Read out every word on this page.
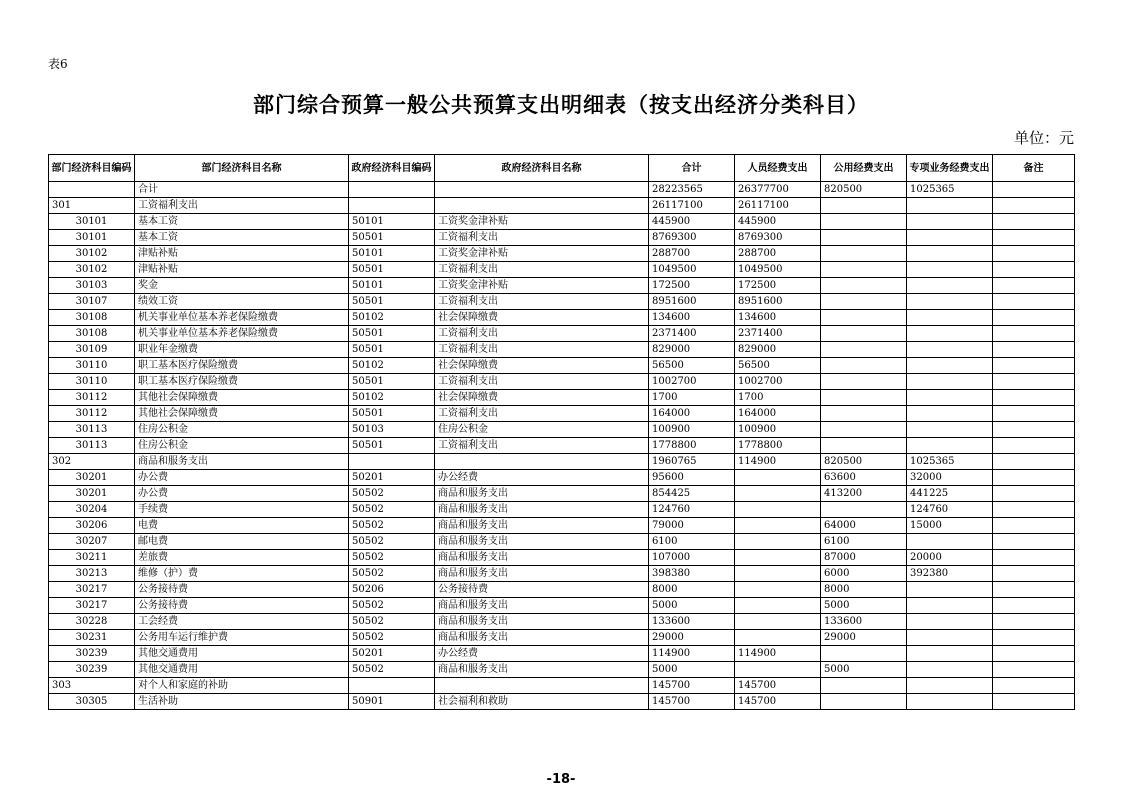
表6
部门综合预算一般公共预算支出明细表（按支出经济分类科目）
单位：元
部门经济科目编码	部门经济科目名称	政府经济科目编码	政府经济科目名称	合计	人员经费支出	公用经费支出	专项业务经费支出	备注
	合计			28223565	26377700	820500	1025365	
301	工资福利支出			26117100	26117100			
30101	基本工资	50101	工资奖金津补贴	445900	445900			
30101	基本工资	50501	工资福利支出	8769300	8769300			
30102	津贴补贴	50101	工资奖金津补贴	288700	288700			
30102	津贴补贴	50501	工资福利支出	1049500	1049500			
30103	奖金	50101	工资奖金津补贴	172500	172500			
30107	绩效工资	50501	工资福利支出	8951600	8951600			
30108	机关事业单位基本养老保险缴费	50102	社会保障缴费	134600	134600			
30108	机关事业单位基本养老保险缴费	50501	工资福利支出	2371400	2371400			
30109	职业年金缴费	50501	工资福利支出	829000	829000			
30110	职工基本医疗保险缴费	50102	社会保障缴费	56500	56500			
30110	职工基本医疗保险缴费	50501	工资福利支出	1002700	1002700			
30112	其他社会保障缴费	50102	社会保障缴费	1700	1700			
30112	其他社会保障缴费	50501	工资福利支出	164000	164000			
30113	住房公积金	50103	住房公积金	100900	100900			
30113	住房公积金	50501	工资福利支出	1778800	1778800			
302	商品和服务支出			1960765	114900	820500	1025365	
30201	办公费	50201	办公经费	95600		63600	32000	
30201	办公费	50502	商品和服务支出	854425		413200	441225	
30204	手续费	50502	商品和服务支出	124760			124760	
30206	电费	50502	商品和服务支出	79000		64000	15000	
30207	邮电费	50502	商品和服务支出	6100		6100		
30211	差旅费	50502	商品和服务支出	107000		87000	20000	
30213	维修（护）费	50502	商品和服务支出	398380		6000	392380	
30217	公务接待费	50206	公务接待费	8000		8000		
30217	公务接待费	50502	商品和服务支出	5000		5000		
30228	工会经费	50502	商品和服务支出	133600		133600		
30231	公务用车运行维护费	50502	商品和服务支出	29000		29000		
30239	其他交通费用	50201	办公经费	114900	114900			
30239	其他交通费用	50502	商品和服务支出	5000		5000		
303	对个人和家庭的补助			145700	145700			
30305	生活补助	50901	社会福利和救助	145700	145700			
-18-
